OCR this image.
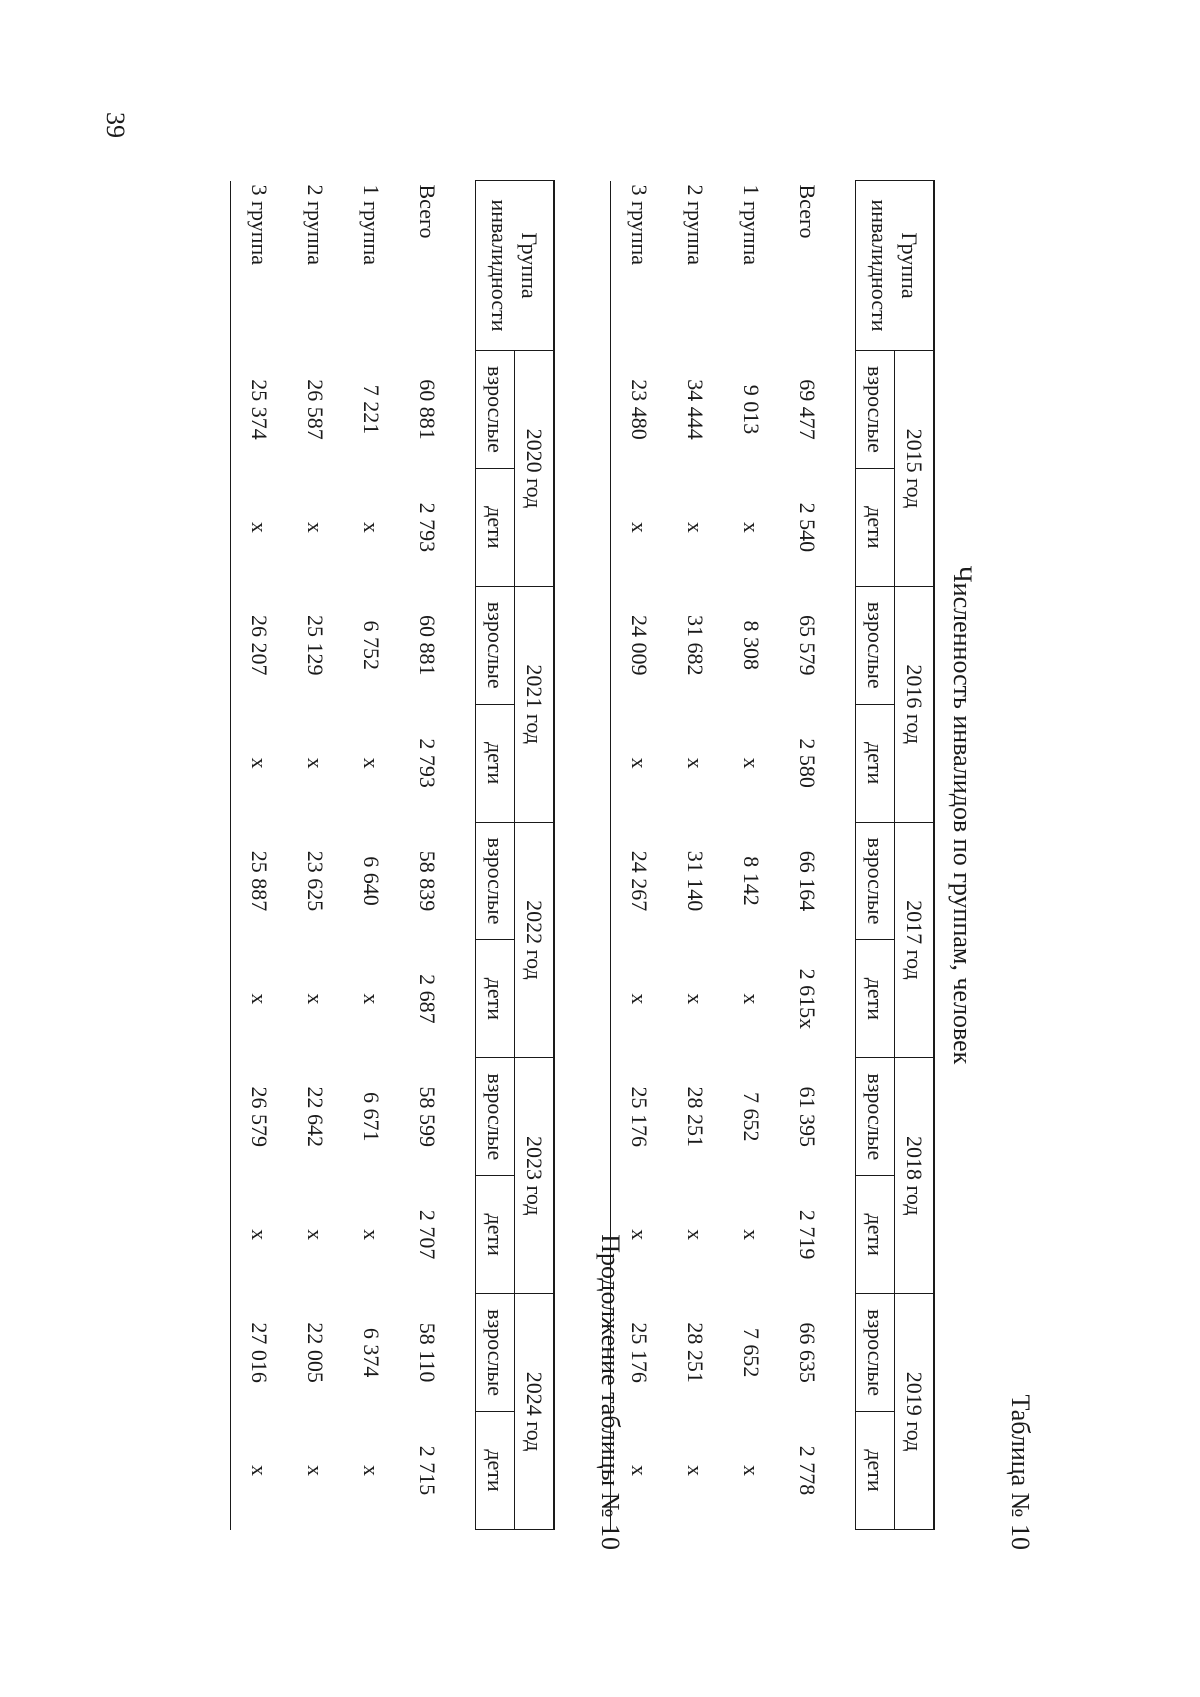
39
Таблица № 10
Численность инвалидов по группам, человек
Группа
инвалидности	2015 год		2016 год		2017 год		2018 год		2019 год	
	взрослые	дети	взрослые	дети	взрослые	дети	взрослые	дети	взрослые	дети
Всего	69 477	2 540	65 579	2 580	66 164	2 615х	61 395	2 719	66 635	2 778
1 группа	9 013	х	8 308	х	8 142	х	7 652	х	7 652	х
2 группа	34 444	х	31 682	х	31 140	х	28 251	х	28 251	х
3 группа	23 480	х	24 009	х	24 267	х	25 176	х	25 176	х
Продолжение таблицы № 10
Группа
инвалидности	2020 год		2021 год		2022 год		2023 год		2024 год	
	взрослые	дети	взрослые	дети	взрослые	дети	взрослые	дети	взрослые	дети
Всего	60 881	2 793	60 881	2 793	58 839	2 687	58 599	2 707	58 110	2 715
1 группа	7 221	х	6 752	х	6 640	х	6 671	х	6 374	х
2 группа	26 587	х	25 129	х	23 625	х	22 642	х	22 005	х
3 группа	25 374	х	26 207	х	25 887	х	26 579	х	27 016	х
